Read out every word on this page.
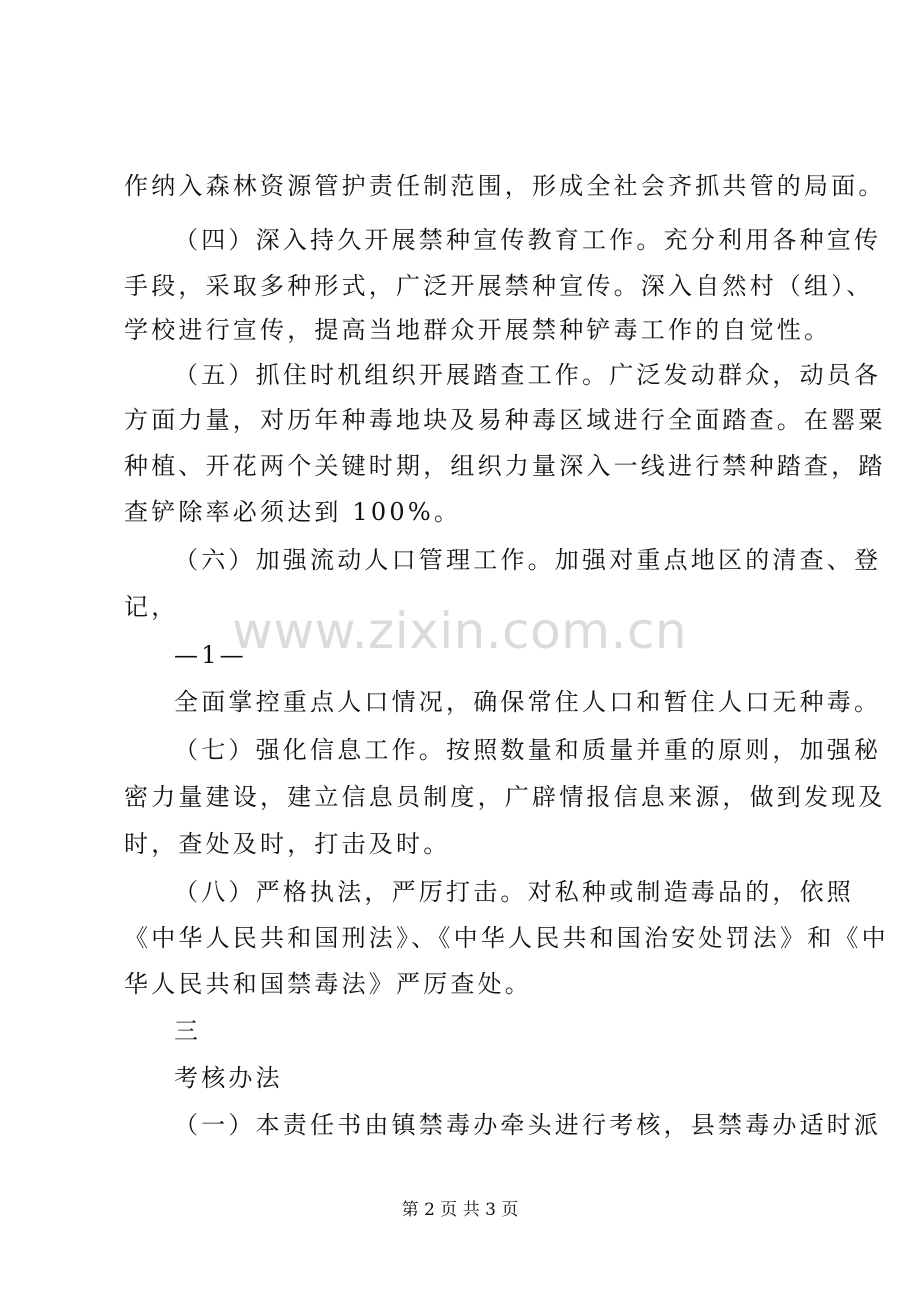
作纳入森林资源管护责任制范围，形成全社会齐抓共管的局面。
（四）深入持久开展禁种宣传教育工作。充分利用各种宣传
手段，采取多种形式，广泛开展禁种宣传。深入自然村（组）、
学校进行宣传，提高当地群众开展禁种铲毒工作的自觉性。
（五）抓住时机组织开展踏查工作。广泛发动群众，动员各
方面力量，对历年种毒地块及易种毒区域进行全面踏查。在罂粟
种植、开花两个关键时期，组织力量深入一线进行禁种踏查，踏
查铲除率必须达到 100%。
（六）加强流动人口管理工作。加强对重点地区的清查、登
记，
—1—
全面掌控重点人口情况，确保常住人口和暂住人口无种毒。
（七）强化信息工作。按照数量和质量并重的原则，加强秘
密力量建设，建立信息员制度，广辟情报信息来源，做到发现及
时，查处及时，打击及时。
（八）严格执法，严厉打击。对私种或制造毒品的，依照
《中华人民共和国刑法》、《中华人民共和国治安处罚法》和《中
华人民共和国禁毒法》严厉查处。
三
考核办法
（一）本责任书由镇禁毒办牵头进行考核，县禁毒办适时派
www.zixin.com.cn
第 2 页 共 3 页
